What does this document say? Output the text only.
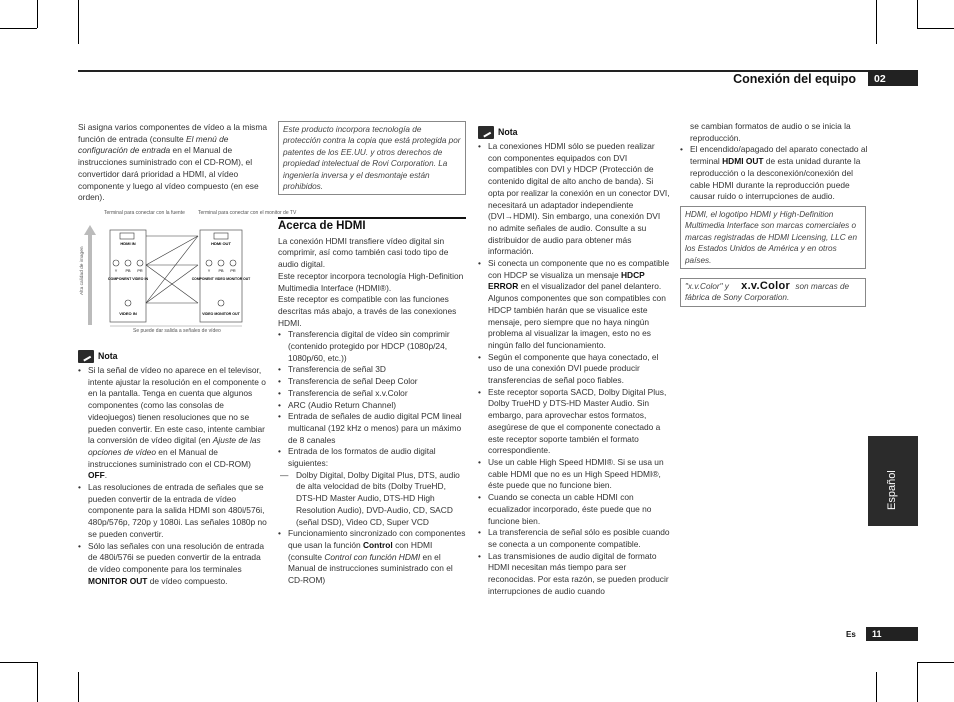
Conexión del equipo	02
Español

Si asigna varios componentes de vídeo a la misma función de entrada (consulte El menú de configuración de entrada en el Manual de instrucciones suministrado con el CD-ROM), el convertidor dará prioridad a HDMI, al vídeo componente y luego al vídeo compuesto (en ese orden).

Terminal para conectar con la fuente	Terminal para conectar con el monitor de TV
Alta calidad de imagen
HDMI IN
Y PB PR
COMPONENT VIDEO IN
VIDEO IN
HDMI OUT
Y PB PR
COMPONENT VIDEO MONITOR OUT
VIDEO MONITOR OUT
Se puede dar salida a señales de vídeo
Nota
• Si la señal de vídeo no aparece en el televisor, intente ajustar la resolución en el componente o en la pantalla. Tenga en cuenta que algunos componentes (como las consolas de videojuegos) tienen resoluciones que no se pueden convertir. En este caso, intente cambiar la conversión de vídeo digital (en Ajuste de las opciones de vídeo en el Manual de instrucciones suministrado con el CD-ROM) OFF.
• Las resoluciones de entrada de señales que se pueden convertir de la entrada de vídeo componente para la salida HDMI son 480i/576i, 480p/576p, 720p y 1080i. Las señales 1080p no se pueden convertir.
• Sólo las señales con una resolución de entrada de 480i/576i se pueden convertir de la entrada de vídeo componente para los terminales MONITOR OUT de vídeo compuesto.
Este producto incorpora tecnología de protección contra la copia que está protegida por patentes de los EE.UU. y otros derechos de propiedad intelectual de Rovi Corporation. La ingeniería inversa y el desmontaje están prohibidos.
Acerca de HDMI

La conexión HDMI transfiere vídeo digital sin comprimir, así como también casi todo tipo de audio digital.

Este receptor incorpora tecnología High-Definition Multimedia Interface (HDMI®).

Este receptor es compatible con las funciones descritas más abajo, a través de las conexiones HDMI.

• Transferencia digital de vídeo sin comprimir (contenido protegido por HDCP (1080p/24, 1080p/60, etc.))
• Transferencia de señal 3D
• Transferencia de señal Deep Color
• Transferencia de señal x.v.Color
• ARC (Audio Return Channel)
• Entrada de señales de audio digital PCM lineal multicanal (192 kHz o menos) para un máximo de 8 canales
• Entrada de los formatos de audio digital siguientes:
— Dolby Digital, Dolby Digital Plus, DTS, audio de alta velocidad de bits (Dolby TrueHD, DTS-HD Master Audio, DTS-HD High Resolution Audio), DVD-Audio, CD, SACD (señal DSD), Video CD, Super VCD
• Funcionamiento sincronizado con componentes que usan la función Control con HDMI (consulte Control con función HDMI en el Manual de instrucciones suministrado con el CD-ROM)
Nota
• La conexiones HDMI sólo se pueden realizar con componentes equipados con DVI compatibles con DVI y HDCP (Protección de contenido digital de alto ancho de banda). Si opta por realizar la conexión en un conector DVI, necesitará un adaptador independiente (DVI→HDMI). Sin embargo, una conexión DVI no admite señales de audio. Consulte a su distribuidor de audio para obtener más información.
• Si conecta un componente que no es compatible con HDCP se visualiza un mensaje HDCP ERROR en el visualizador del panel delantero. Algunos componentes que son compatibles con HDCP también harán que se visualice este mensaje, pero siempre que no haya ningún problema al visualizar la imagen, esto no es ningún fallo del funcionamiento.
• Según el componente que haya conectado, el uso de una conexión DVI puede producir transferencias de señal poco fiables.
• Este receptor soporta SACD, Dolby Digital Plus, Dolby TrueHD y DTS-HD Master Audio. Sin embargo, para aprovechar estos formatos, asegúrese de que el componente conectado a este receptor soporte también el formato correspondiente.
• Use un cable High Speed HDMI®. Si se usa un cable HDMI que no es un High Speed HDMI®, éste puede que no funcione bien.
• Cuando se conecta un cable HDMI con ecualizador incorporado, éste puede que no funcione bien.
• La transferencia de señal sólo es posible cuando se conecta a un componente compatible.
• Las transmisiones de audio digital de formato HDMI necesitan más tiempo para ser reconocidas. Por esta razón, se pueden producir interrupciones de audio cuando

se cambian formatos de audio o se inicia la reproducción.

• El encendido/apagado del aparato conectado al terminal HDMI OUT de esta unidad durante la reproducción o la desconexión/conexión del cable HDMI durante la reproducción puede causar ruido o interrupciones de audio.
HDMI, el logotipo HDMI y High-Definition Multimedia Interface son marcas comerciales o marcas registradas de HDMI Licensing, LLC en los Estados Unidos de América y en otros países.
"x.v.Color" y x.v.Color son marcas de fábrica de Sony Corporation.
Es	11
